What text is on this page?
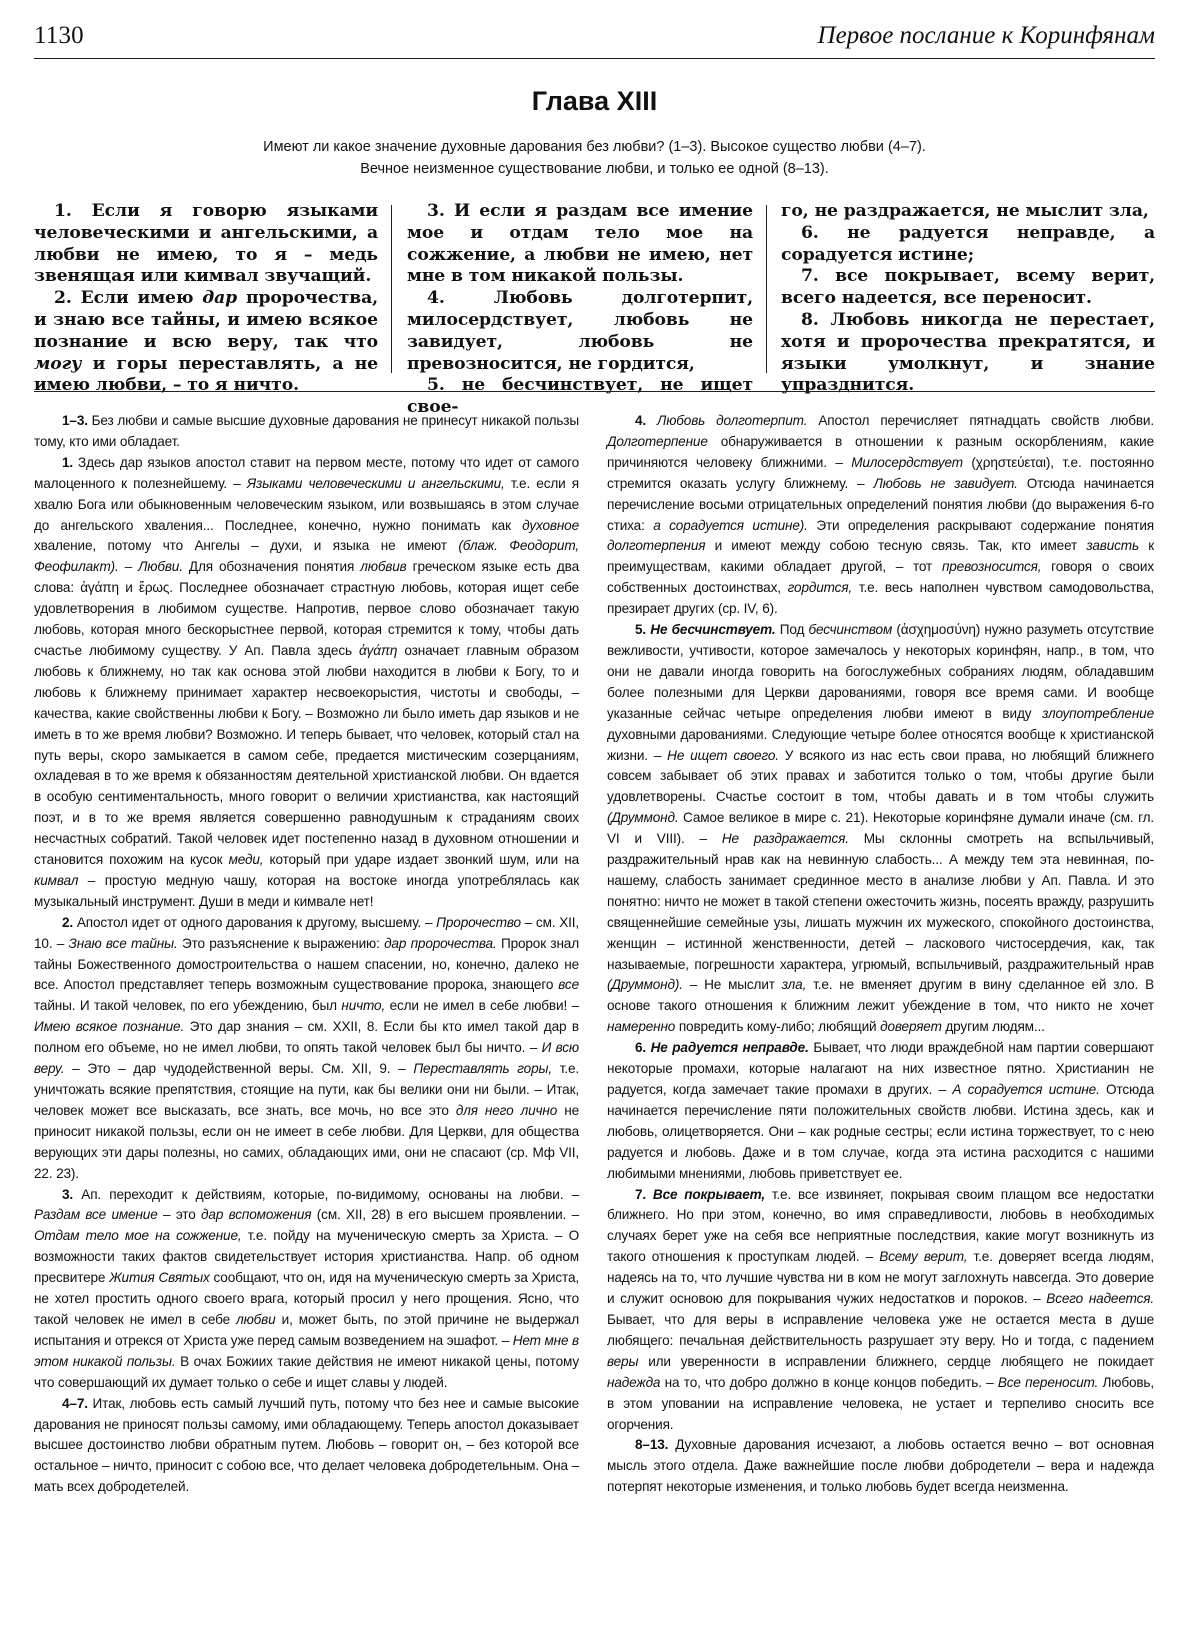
1130	Первое послание к Коринфянам
Глава XIII
Имеют ли какое значение духовные дарования без любви? (1–3). Высокое существо любви (4–7).
Вечное неизменное существование любви, и только ее одной (8–13).

1. Если я говорю языками человеческими и ангельскими, а любви не имею, то я – медь звенящая или кимвал звучащий.

2. Если имею дар пророчества, и знаю все тайны, и имею всякое познание и всю веру, так что могу и горы переставлять, а не имею любви, – то я ничто.

3. И если я раздам все имение мое и отдам тело мое на сожжение, а любви не имею, нет мне в том никакой пользы.

4. Любовь долготерпит, милосердствует, любовь не завидует, любовь не превозносится, не гордится,

5. не бесчинствует, не ищет свое-

го, не раздражается, не мыслит зла,

6. не радуется неправде, а сорадуется истине;

7. все покрывает, всему верит, всего надеется, все переносит.

8. Любовь никогда не перестает, хотя и пророчества прекратятся, и языки умолкнут, и знание упразднится.

1–3. Без любви и самые высшие духовные дарования не принесут никакой пользы тому, кто ими обладает.

1. Здесь дар языков апостол ставит на первом месте, потому что идет от самого малоценного к полезнейшему. – Языками человеческими и ангельскими, т.е. если я хвалю Бога или обыкновенным человеческим языком, или возвышаясь в этом случае до ангельского хваления... Последнее, конечно, нужно понимать как духовное хваление, потому что Ангелы – духи, и языка не имеют (блаж. Феодорит, Феофилакт). – Любви. Для обозначения понятия любвив греческом языке есть два слова: ἀγάπη и ἔρως. Последнее обозначает страстную любовь, которая ищет себе удовлетворения в любимом существе. Напротив, первое слово обозначает такую любовь, которая много бескорыстнее первой, которая стремится к тому, чтобы дать счастье любимому существу. У Ап. Павла здесь ἀγάπη означает главным образом любовь к ближнему, но так как основа этой любви находится в любви к Богу, то и любовь к ближнему принимает характер несвоекорыстия, чистоты и свободы, – качества, какие свойственны любви к Богу. – Возможно ли было иметь дар языков и не иметь в то же время любви? Возможно. И теперь бывает, что человек, который стал на путь веры, скоро замыкается в самом себе, предается мистическим созерцаниям, охладевая в то же время к обязанностям деятельной христианской любви. Он вдается в особую сентиментальность, много говорит о величии христианства, как настоящий поэт, и в то же время является совершенно равнодушным к страданиям своих несчастных собратий. Такой человек идет постепенно назад в духовном отношении и становится похожим на кусок меди, который при ударе издает звонкий шум, или на кимвал – простую медную чашу, которая на востоке иногда употреблялась как музыкальный инструмент. Души в меди и кимвале нет!

2. Апостол идет от одного дарования к другому, высшему. – Пророчество – см. XII, 10. – Знаю все тайны. Это разъяснение к выражению: дар пророчества. Пророк знал тайны Божественного домостроительства о нашем спасении, но, конечно, далеко не все. Апостол представляет теперь возможным существование пророка, знающего все тайны. И такой человек, по его убеждению, был ничто, если не имел в себе любви! – Имею всякое познание. Это дар знания – см. XXII, 8. Если бы кто имел такой дар в полном его объеме, но не имел любви, то опять такой человек был бы ничто. – И всю веру. – Это – дар чудодейственной веры. См. XII, 9. – Переставлять горы, т.е. уничтожать всякие препятствия, стоящие на пути, как бы велики они ни были. – Итак, человек может все высказать, все знать, все мочь, но все это для него лично не приносит никакой пользы, если он не имеет в себе любви. Для Церкви, для общества верующих эти дары полезны, но самих, обладающих ими, они не спасают (ср. Мф VII, 22. 23).

3. Ап. переходит к действиям, которые, по-видимому, основаны на любви. – Раздам все имение – это дар вспоможения (см. XII, 28) в его высшем проявлении. – Отдам тело мое на сожжение, т.е. пойду на мученическую смерть за Христа. – О возможности таких фактов свидетельствует история христианства. Напр. об одном пресвитере Жития Святых сообщают, что он, идя на мученическую смерть за Христа, не хотел простить одного своего врага, который просил у него прощения. Ясно, что такой человек не имел в себе любви и, может быть, по этой причине не выдержал испытания и отрекся от Христа уже перед самым возведением на эшафот. – Нет мне в этом никакой пользы. В очах Божиих такие действия не имеют никакой цены, потому что совершающий их думает только о себе и ищет славы у людей.

4–7. Итак, любовь есть самый лучший путь, потому что без нее и самые высокие дарования не приносят пользы самому, ими обладающему. Теперь апостол доказывает высшее достоинство любви обратным путем. Любовь – говорит он, – без которой все остальное – ничто, приносит с собою все, что делает человека добродетельным. Она – мать всех добродетелей.

4. Любовь долготерпит. Апостол перечисляет пятнадцать свойств любви. Долготерпение обнаруживается в отношении к разным оскорблениям, какие причиняются человеку ближними. – Милосердствует (χρηστεύεται), т.е. постоянно стремится оказать услугу ближнему. – Любовь не завидует. Отсюда начинается перечисление восьми отрицательных определений понятия любви (до выражения 6-го стиха: а сорадуется истине). Эти определения раскрывают содержание понятия долготерпения и имеют между собою тесную связь. Так, кто имеет зависть к преимуществам, какими обладает другой, – тот превозносится, говоря о своих собственных достоинствах, гордится, т.е. весь наполнен чувством самодовольства, презирает других (ср. IV, 6).

5. Не бесчинствует. Под бесчинством (ἀσχημοσύνη) нужно разуметь отсутствие вежливости, учтивости, которое замечалось у некоторых коринфян, напр., в том, что они не давали иногда говорить на богослужебных собраниях людям, обладавшим более полезными для Церкви дарованиями, говоря все время сами. И вообще указанные сейчас четыре определения любви имеют в виду злоупотребление духовными дарованиями. Следующие четыре более относятся вообще к христианской жизни. – Не ищет своего. У всякого из нас есть свои права, но любящий ближнего совсем забывает об этих правах и заботится только о том, чтобы другие были удовлетворены. Счастье состоит в том, чтобы давать и в том чтобы служить (Друммонд. Самое великое в мире с. 21). Некоторые коринфяне думали иначе (см. гл. VI и VIII). – Не раздражается. Мы склонны смотреть на вспыльчивый, раздражительный нрав как на невинную слабость... А между тем эта невинная, по-нашему, слабость занимает срединное место в анализе любви у Ап. Павла. И это понятно: ничто не может в такой степени ожесточить жизнь, посеять вражду, разрушить священнейшие семейные узы, лишать мужчин их мужеского, спокойного достоинства, женщин – истинной женственности, детей – ласкового чистосердечия, как, так называемые, погрешности характера, угрюмый, вспыльчивый, раздражительный нрав (Друммонд). – Не мыслит зла, т.е. не вменяет другим в вину сделанное ей зло. В основе такого отношения к ближним лежит убеждение в том, что никто не хочет намеренно повредить кому-либо; любящий доверяет другим людям...

6. Не радуется неправде. Бывает, что люди враждебной нам партии совершают некоторые промахи, которые налагают на них известное пятно. Христианин не радуется, когда замечает такие промахи в других. – А сорадуется истине. Отсюда начинается перечисление пяти положительных свойств любви. Истина здесь, как и любовь, олицетворяется. Они – как родные сестры; если истина торжествует, то с нею радуется и любовь. Даже и в том случае, когда эта истина расходится с нашими любимыми мнениями, любовь приветствует ее.

7. Все покрывает, т.е. все извиняет, покрывая своим плащом все недостатки ближнего. Но при этом, конечно, во имя справедливости, любовь в необходимых случаях берет уже на себя все неприятные последствия, какие могут возникнуть из такого отношения к проступкам людей. – Всему верит, т.е. доверяет всегда людям, надеясь на то, что лучшие чувства ни в ком не могут заглохнуть навсегда. Это доверие и служит основою для покрывания чужих недостатков и пороков. – Всего надеется. Бывает, что для веры в исправление человека уже не остается места в душе любящего: печальная действительность разрушает эту веру. Но и тогда, с падением веры или уверенности в исправлении ближнего, сердце любящего не покидает надежда на то, что добро должно в конце концов победить. – Все переносит. Любовь, в этом уповании на исправление человека, не устает и терпеливо сносить все огорчения.

8–13. Духовные дарования исчезают, а любовь остается вечно – вот основная мысль этого отдела. Даже важнейшие после любви добродетели – вера и надежда потерпят некоторые изменения, и только любовь будет всегда неизменна.
